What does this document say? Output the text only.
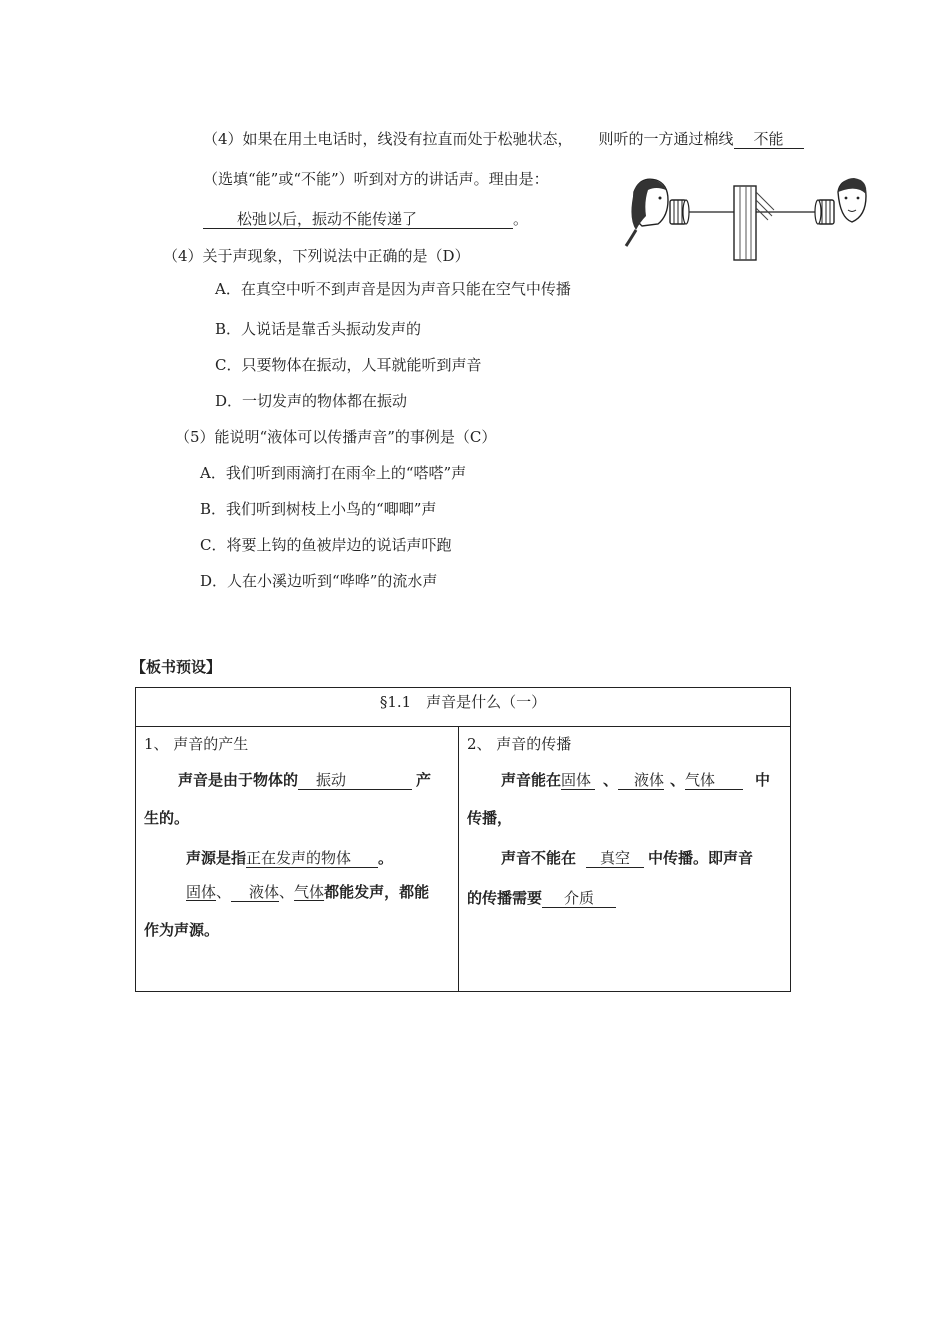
（4）如果在用土电话时，线没有拉直而处于松驰状态， 则听的一方通过棉线 不能
（选填“能”或“不能”）听到对方的讲话声。理由是：
松弛以后，振动不能传递了	。
（4）关于声现象，下列说法中正确的是（D）
A．在真空中听不到声音是因为声音只能在空气中传播
B．人说话是靠舌头振动发声的
C．只要物体在振动，人耳就能听到声音
D．一切发声的物体都在振动
（5）能说明“液体可以传播声音”的事例是（C）
A．我们听到雨滴打在雨伞上的“嗒嗒”声
B．我们听到树枝上小鸟的“唧唧”声
C．将要上钩的鱼被岸边的说话声吓跑
D．人在小溪边听到“哗哗”的流水声
【板书预设】
§1.1　声音是什么（一）

1、 声音的产生
声音是由于物体的 振动	产
生的。
声源是指正在发声的物体 。
固体、 液体、气体都能发声，都能
作为声源。

2、 声音的传播
声音能在固体 、 液体 、气体	中
传播，
声音不能在 真空 中传播。即声音
的传播需要 介质
